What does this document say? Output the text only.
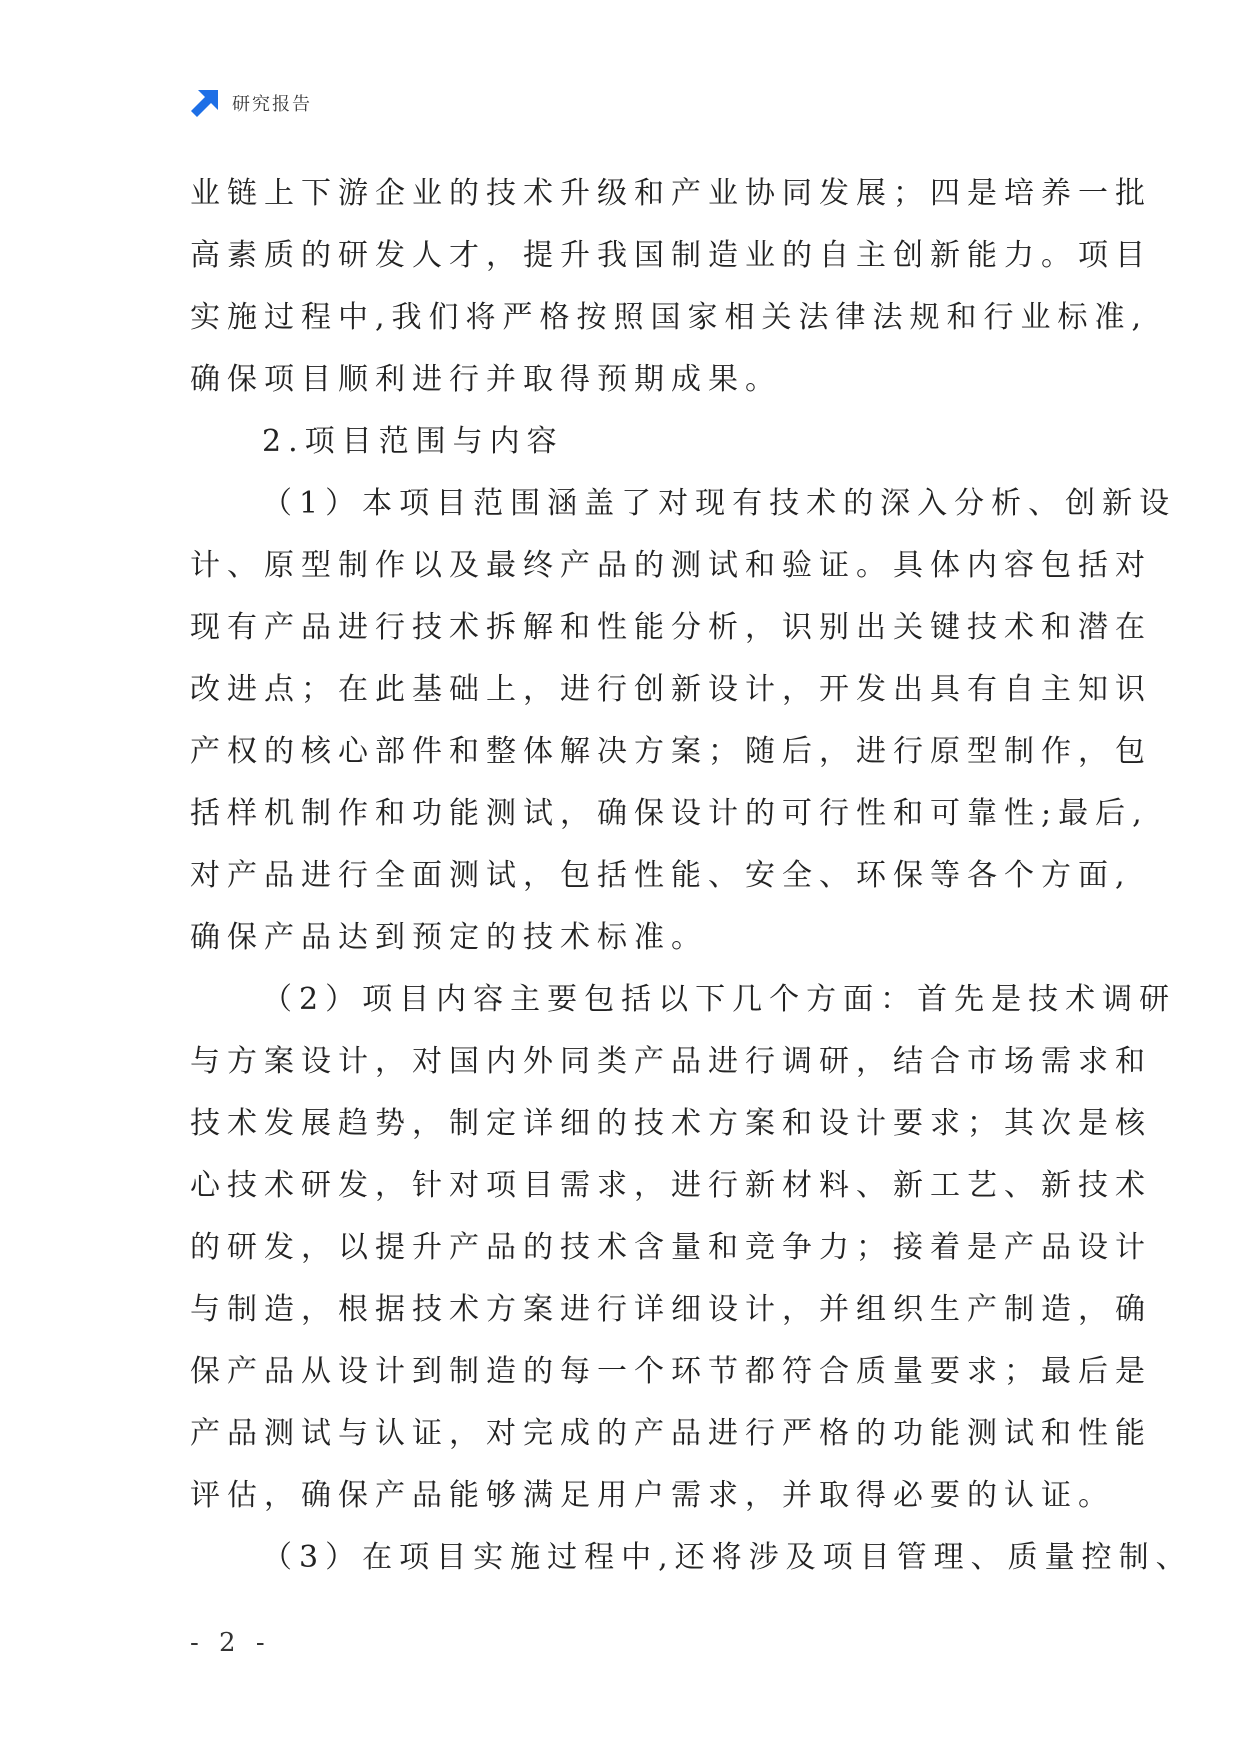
研究报告

业链上下游企业的技术升级和产业协同发展；四是培养一批
高素质的研发人才，提升我国制造业的自主创新能力。项目
实施过程中,我们将严格按照国家相关法律法规和行业标准,
确保项目顺利进行并取得预期成果。

2.项目范围与内容

（1）本项目范围涵盖了对现有技术的深入分析、创新设
计、原型制作以及最终产品的测试和验证。具体内容包括对
现有产品进行技术拆解和性能分析，识别出关键技术和潜在
改进点；在此基础上，进行创新设计，开发出具有自主知识
产权的核心部件和整体解决方案；随后，进行原型制作，包
括样机制作和功能测试，确保设计的可行性和可靠性;最后,
对产品进行全面测试，包括性能、安全、环保等各个方面,
确保产品达到预定的技术标准。

（2）项目内容主要包括以下几个方面：首先是技术调研
与方案设计，对国内外同类产品进行调研，结合市场需求和
技术发展趋势，制定详细的技术方案和设计要求；其次是核
心技术研发，针对项目需求，进行新材料、新工艺、新技术
的研发，以提升产品的技术含量和竞争力；接着是产品设计
与制造，根据技术方案进行详细设计，并组织生产制造，确
保产品从设计到制造的每一个环节都符合质量要求；最后是
产品测试与认证，对完成的产品进行严格的功能测试和性能
评估，确保产品能够满足用户需求，并取得必要的认证。

（3）在项目实施过程中,还将涉及项目管理、质量控制、

- 2 -
